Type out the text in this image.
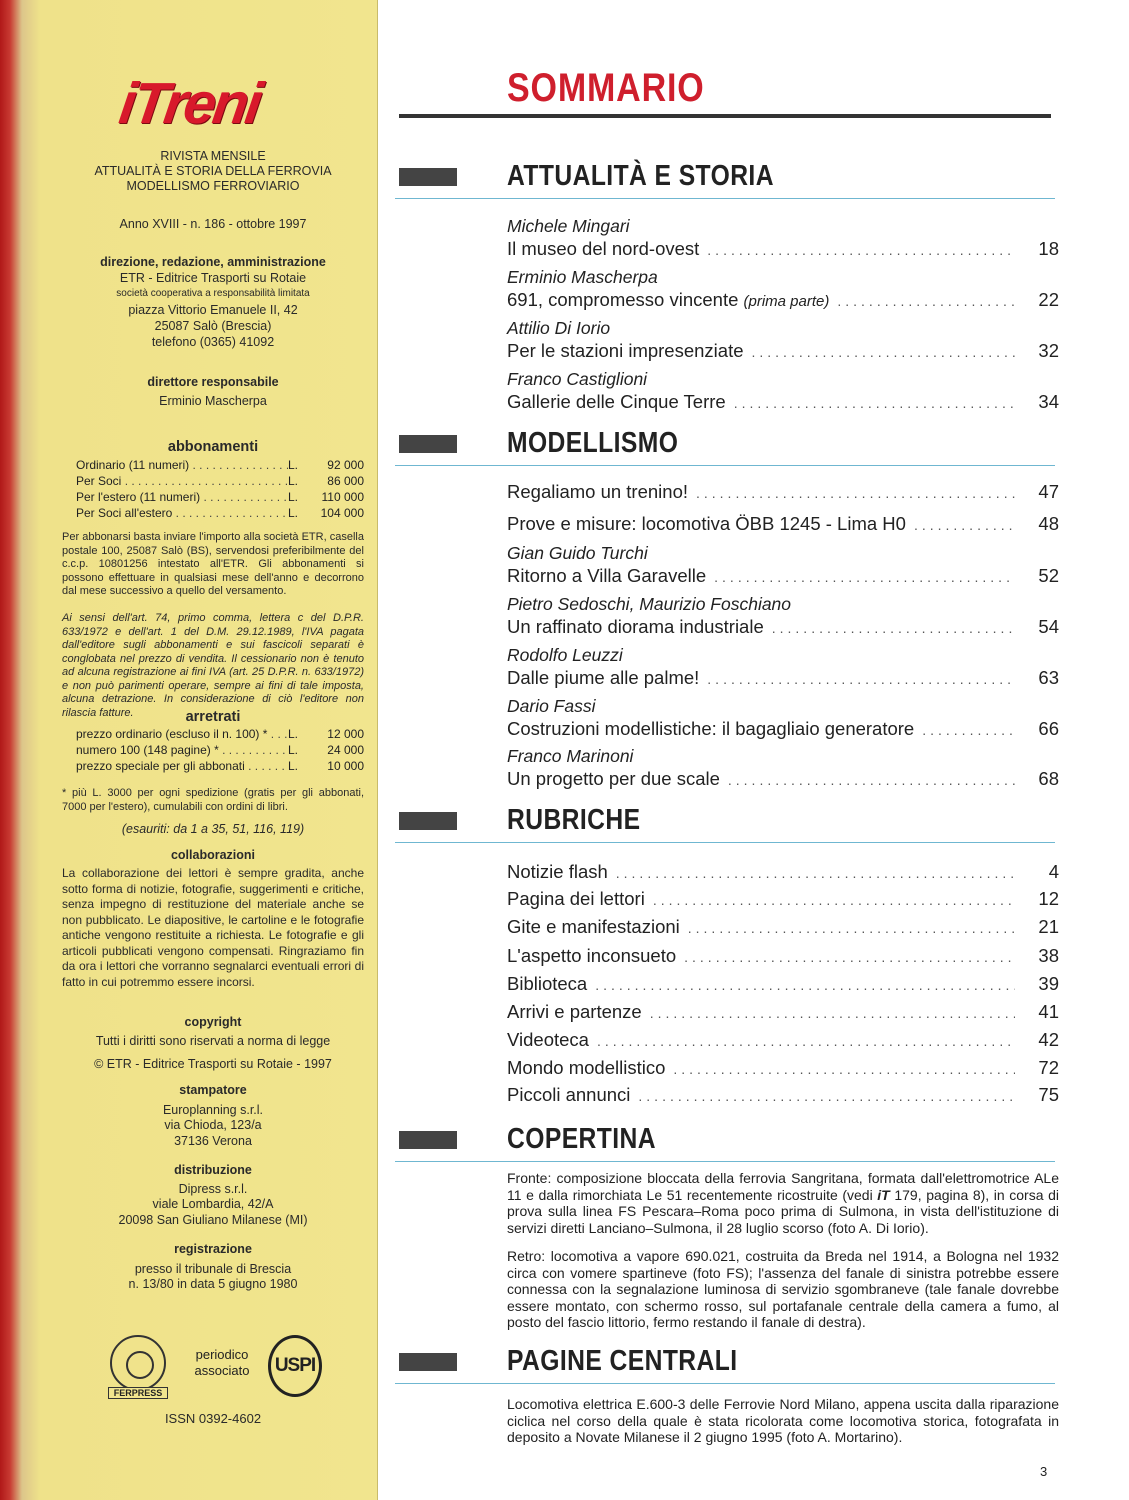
iTreni
RIVISTA MENSILE
ATTUALITÀ E STORIA DELLA FERROVIA
MODELLISMO FERROVIARIO
Anno XVIII - n. 186 - ottobre 1997
direzione, redazione, amministrazione
ETR - Editrice Trasporti su Rotaie
società cooperativa a responsabilità limitata
piazza Vittorio Emanuele II, 42
25087 Salò (Brescia)
telefono (0365) 41092
direttore responsabile
Erminio Mascherpa
abbonamenti
Ordinario (11 numeri) . . .	L.	92 000
Per Soci . . .	L.	86 000
Per l'estero (11 numeri) . . .	L.	110 000
Per Soci all'estero . . .	L.	104 000
Per abbonarsi basta inviare l'importo alla società ETR, casella postale 100, 25087 Salò (BS), servendosi preferibilmente del c.c.p. 10801256 intestato all'ETR. Gli abbonamenti si possono effettuare in qualsiasi mese dell'anno e decorrono dal mese successivo a quello del versamento.
Ai sensi dell'art. 74, primo comma, lettera c del D.P.R. 633/1972 e dell'art. 1 del D.M. 29.12.1989, l'IVA pagata dall'editore sugli abbonamenti e sui fascicoli separati è conglobata nel prezzo di vendita. Il cessionario non è tenuto ad alcuna registrazione ai fini IVA (art. 25 D.P.R. n. 633/1972) e non può parimenti operare, sempre ai fini di tale imposta, alcuna detrazione. In considerazione di ciò l'editore non rilascia fatture.	arretrati
prezzo ordinario (escluso il n. 100) * . . .	L.	12 000
numero 100 (148 pagine) * . . .	L.	24 000
prezzo speciale per gli abbonati . . .	L.	10 000
* più L. 3000 per ogni spedizione (gratis per gli abbonati, 7000 per l'estero), cumulabili con ordini di libri.
(esauriti: da 1 a 35, 51, 116, 119)
collaborazioni
La collaborazione dei lettori è sempre gradita, anche sotto forma di notizie, fotografie, suggerimenti e critiche, senza impegno di restituzione del materiale anche se non pubblicato. Le diapositive, le cartoline e le fotografie antiche vengono restituite a richiesta. Le fotografie e gli articoli pubblicati vengono compensati. Ringraziamo fin da ora i lettori che vorranno segnalarci eventuali errori di fatto in cui potremmo essere incorsi.
copyright
Tutti i diritti sono riservati a norma di legge
© ETR - Editrice Trasporti su Rotaie - 1997
stampatore
Europlanning s.r.l.
via Chioda, 123/a
37136 Verona
distribuzione
Dipress s.r.l.
viale Lombardia, 42/A
20098 San Giuliano Milanese (MI)
registrazione
presso il tribunale di Brescia
n. 13/80 in data 5 giugno 1980
FERPRESS
periodico
associato	USPI
ISSN 0392-4602
SOMMARIO
ATTUALITÀ E STORIA
Michele Mingari
Il museo del nord-ovest .....	18
Erminio Mascherpa
691, compromesso vincente (prima parte) .....	22
Attilio Di Iorio
Per le stazioni impresenziate .....	32
Franco Castiglioni
Gallerie delle Cinque Terre .....	34
MODELLISMO
Regaliamo un trenino! .....	47
Prove e misure: locomotiva ÖBB 1245 - Lima H0 .....	48
Gian Guido Turchi
Ritorno a Villa Garavelle .....	52
Pietro Sedoschi, Maurizio Foschiano
Un raffinato diorama industriale .....	54
Rodolfo Leuzzi
Dalle piume alle palme! .....	63
Dario Fassi
Costruzioni modellistiche: il bagagliaio generatore .....	66
Franco Marinoni
Un progetto per due scale .....	68
RUBRICHE
Notizie flash .....	4
Pagina dei lettori .....	12
Gite e manifestazioni .....	21
L'aspetto inconsueto .....	38
Biblioteca .....	39
Arrivi e partenze .....	41
Videoteca .....	42
Mondo modellistico .....	72
Piccoli annunci .....	75
COPERTINA
Fronte: composizione bloccata della ferrovia Sangritana, formata dall'elettromotrice ALe 11 e dalla rimorchiata Le 51 recentemente ricostruite (vedi iT 179, pagina 8), in corsa di prova sulla linea FS Pescara–Roma poco prima di Sulmona, in vista dell'istituzione di servizi diretti Lanciano–Sulmona, il 28 luglio scorso (foto A. Di Iorio).
Retro: locomotiva a vapore 690.021, costruita da Breda nel 1914, a Bologna nel 1932 circa con vomere spartineve (foto FS); l'assenza del fanale di sinistra potrebbe essere connessa con la segnalazione luminosa di servizio sgombraneve (tale fanale dovrebbe essere montato, con schermo rosso, sul portafanale centrale della camera a fumo, al posto del fascio littorio, fermo restando il fanale di destra).
PAGINE CENTRALI
Locomotiva elettrica E.600-3 delle Ferrovie Nord Milano, appena uscita dalla riparazione ciclica nel corso della quale è stata ricolorata come locomotiva storica, fotografata in deposito a Novate Milanese il 2 giugno 1995 (foto A. Mortarino).
3
